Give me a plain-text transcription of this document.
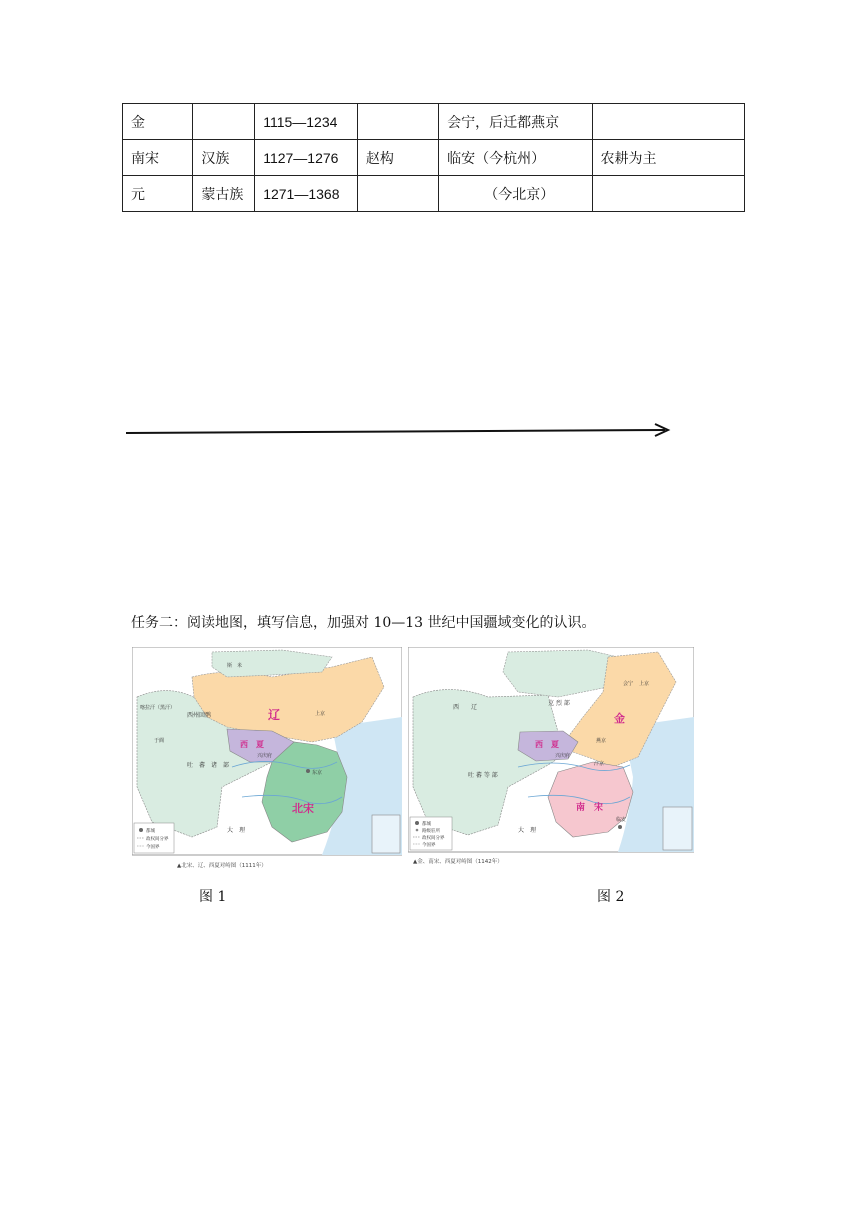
金		1115—1234		会宁，后迁都燕京	
南宋	汉族	1127—1276	赵构	临安（今杭州）	农耕为主
元	蒙古族	1271—1368		（今北京）	
任务二：阅读地图，填写信息，加强对 10—13 世纪中国疆域变化的认识。
都城
政权间分界
今国界
辽
西　夏
北宋
兴庆府
东京
西州回鹘
吐　蕃　诸　部
大　理
喀拉汗（黑汗）
于阗
斯　米
上京
▲北宋、辽、西夏对峙图（1111年）
都城
路级驻所
政权间分界
今国界
金
西　夏
南　宋
兴庆府
会宁 上京
临安
西　　辽
吐 蕃 等 部
大　理
克 烈 部
燕京
汴京
▲金、南宋、西夏对峙图（1142年）
图 1	图 2
